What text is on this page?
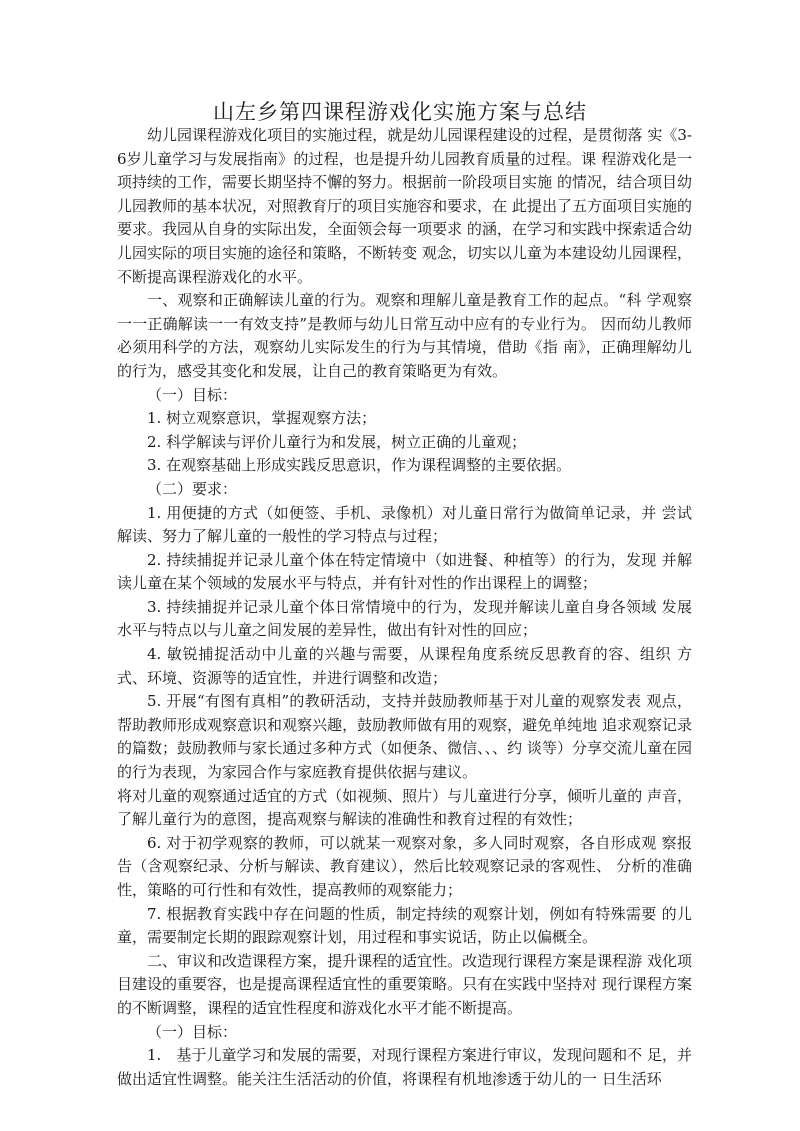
山左乡第四课程游戏化实施方案与总结

幼儿园课程游戏化项目的实施过程，就是幼儿园课程建设的过程，是贯彻落 实《3-6岁儿童学习与发展指南》的过程，也是提升幼儿园教育质量的过程。课 程游戏化是一项持续的工作，需要长期坚持不懈的努力。根据前一阶段项目实施 的情况，结合项目幼儿园教师的基本状况，对照教育厅的项目实施容和要求，在 此提出了五方面项目实施的要求。我园从自身的实际出发，全面领会每一项要求 的涵，在学习和实践中探索适合幼儿园实际的项目实施的途径和策略，不断转变 观念，切实以儿童为本建设幼儿园课程，不断提高课程游戏化的水平。

一、观察和正确解读儿童的行为。观察和理解儿童是教育工作的起点。“科 学观察一一正确解读一一有效支持”是教师与幼儿日常互动中应有的专业行为。 因而幼儿教师必须用科学的方法，观察幼儿实际发生的行为与其情境，借助《指 南》，正确理解幼儿的行为，感受其变化和发展，让自己的教育策略更为有效。

（一）目标：

1. 树立观察意识，掌握观察方法；

2. 科学解读与评价儿童行为和发展，树立正确的儿童观；

3. 在观察基础上形成实践反思意识，作为课程调整的主要依据。

（二）要求：

1. 用便捷的方式（如便签、手机、录像机）对儿童日常行为做简单记录，并 尝试解读、努力了解儿童的一般性的学习特点与过程；

2. 持续捕捉并记录儿童个体在特定情境中（如进餐、种植等）的行为，发现 并解读儿童在某个领域的发展水平与特点，并有针对性的作出课程上的调整；

3. 持续捕捉并记录儿童个体日常情境中的行为，发现并解读儿童自身各领域 发展水平与特点以与儿童之间发展的差异性，做出有针对性的回应；

4. 敏锐捕捉活动中儿童的兴趣与需要，从课程角度系统反思教育的容、组织 方式、环境、资源等的适宜性，并进行调整和改造；

5. 开展“有图有真相”的教研活动，支持并鼓励教师基于对儿童的观察发表 观点，帮助教师形成观察意识和观察兴趣，鼓励教师做有用的观察，避免单纯地 追求观察记录的篇数；鼓励教师与家长通过多种方式（如便条、微信、、、约 谈等）分享交流儿童在园的行为表现，为家园合作与家庭教育提供依据与建议。

将对儿童的观察通过适宜的方式（如视频、照片）与儿童进行分享，倾听儿童的 声音，了解儿童行为的意图，提高观察与解读的准确性和教育过程的有效性；

6. 对于初学观察的教师，可以就某一观察对象，多人同时观察，各自形成观 察报告（含观察纪录、分析与解读、教育建议），然后比较观察记录的客观性、 分析的准确性，策略的可行性和有效性，提高教师的观察能力；

7. 根据教育实践中存在问题的性质，制定持续的观察计划，例如有特殊需要 的儿童，需要制定长期的跟踪观察计划，用过程和事实说话，防止以偏概全。

二、审议和改造课程方案，提升课程的适宜性。改造现行课程方案是课程游 戏化项目建设的重要容，也是提高课程适宜性的重要策略。只有在实践中坚持对 现行课程方案的不断调整，课程的适宜性程度和游戏化水平才能不断提高。

（一）目标：

1.　基于儿童学习和发展的需要，对现行课程方案进行审议，发现问题和不 足，并做出适宜性调整。能关注生活活动的价值，将课程有机地渗透于幼儿的一 日生活环
